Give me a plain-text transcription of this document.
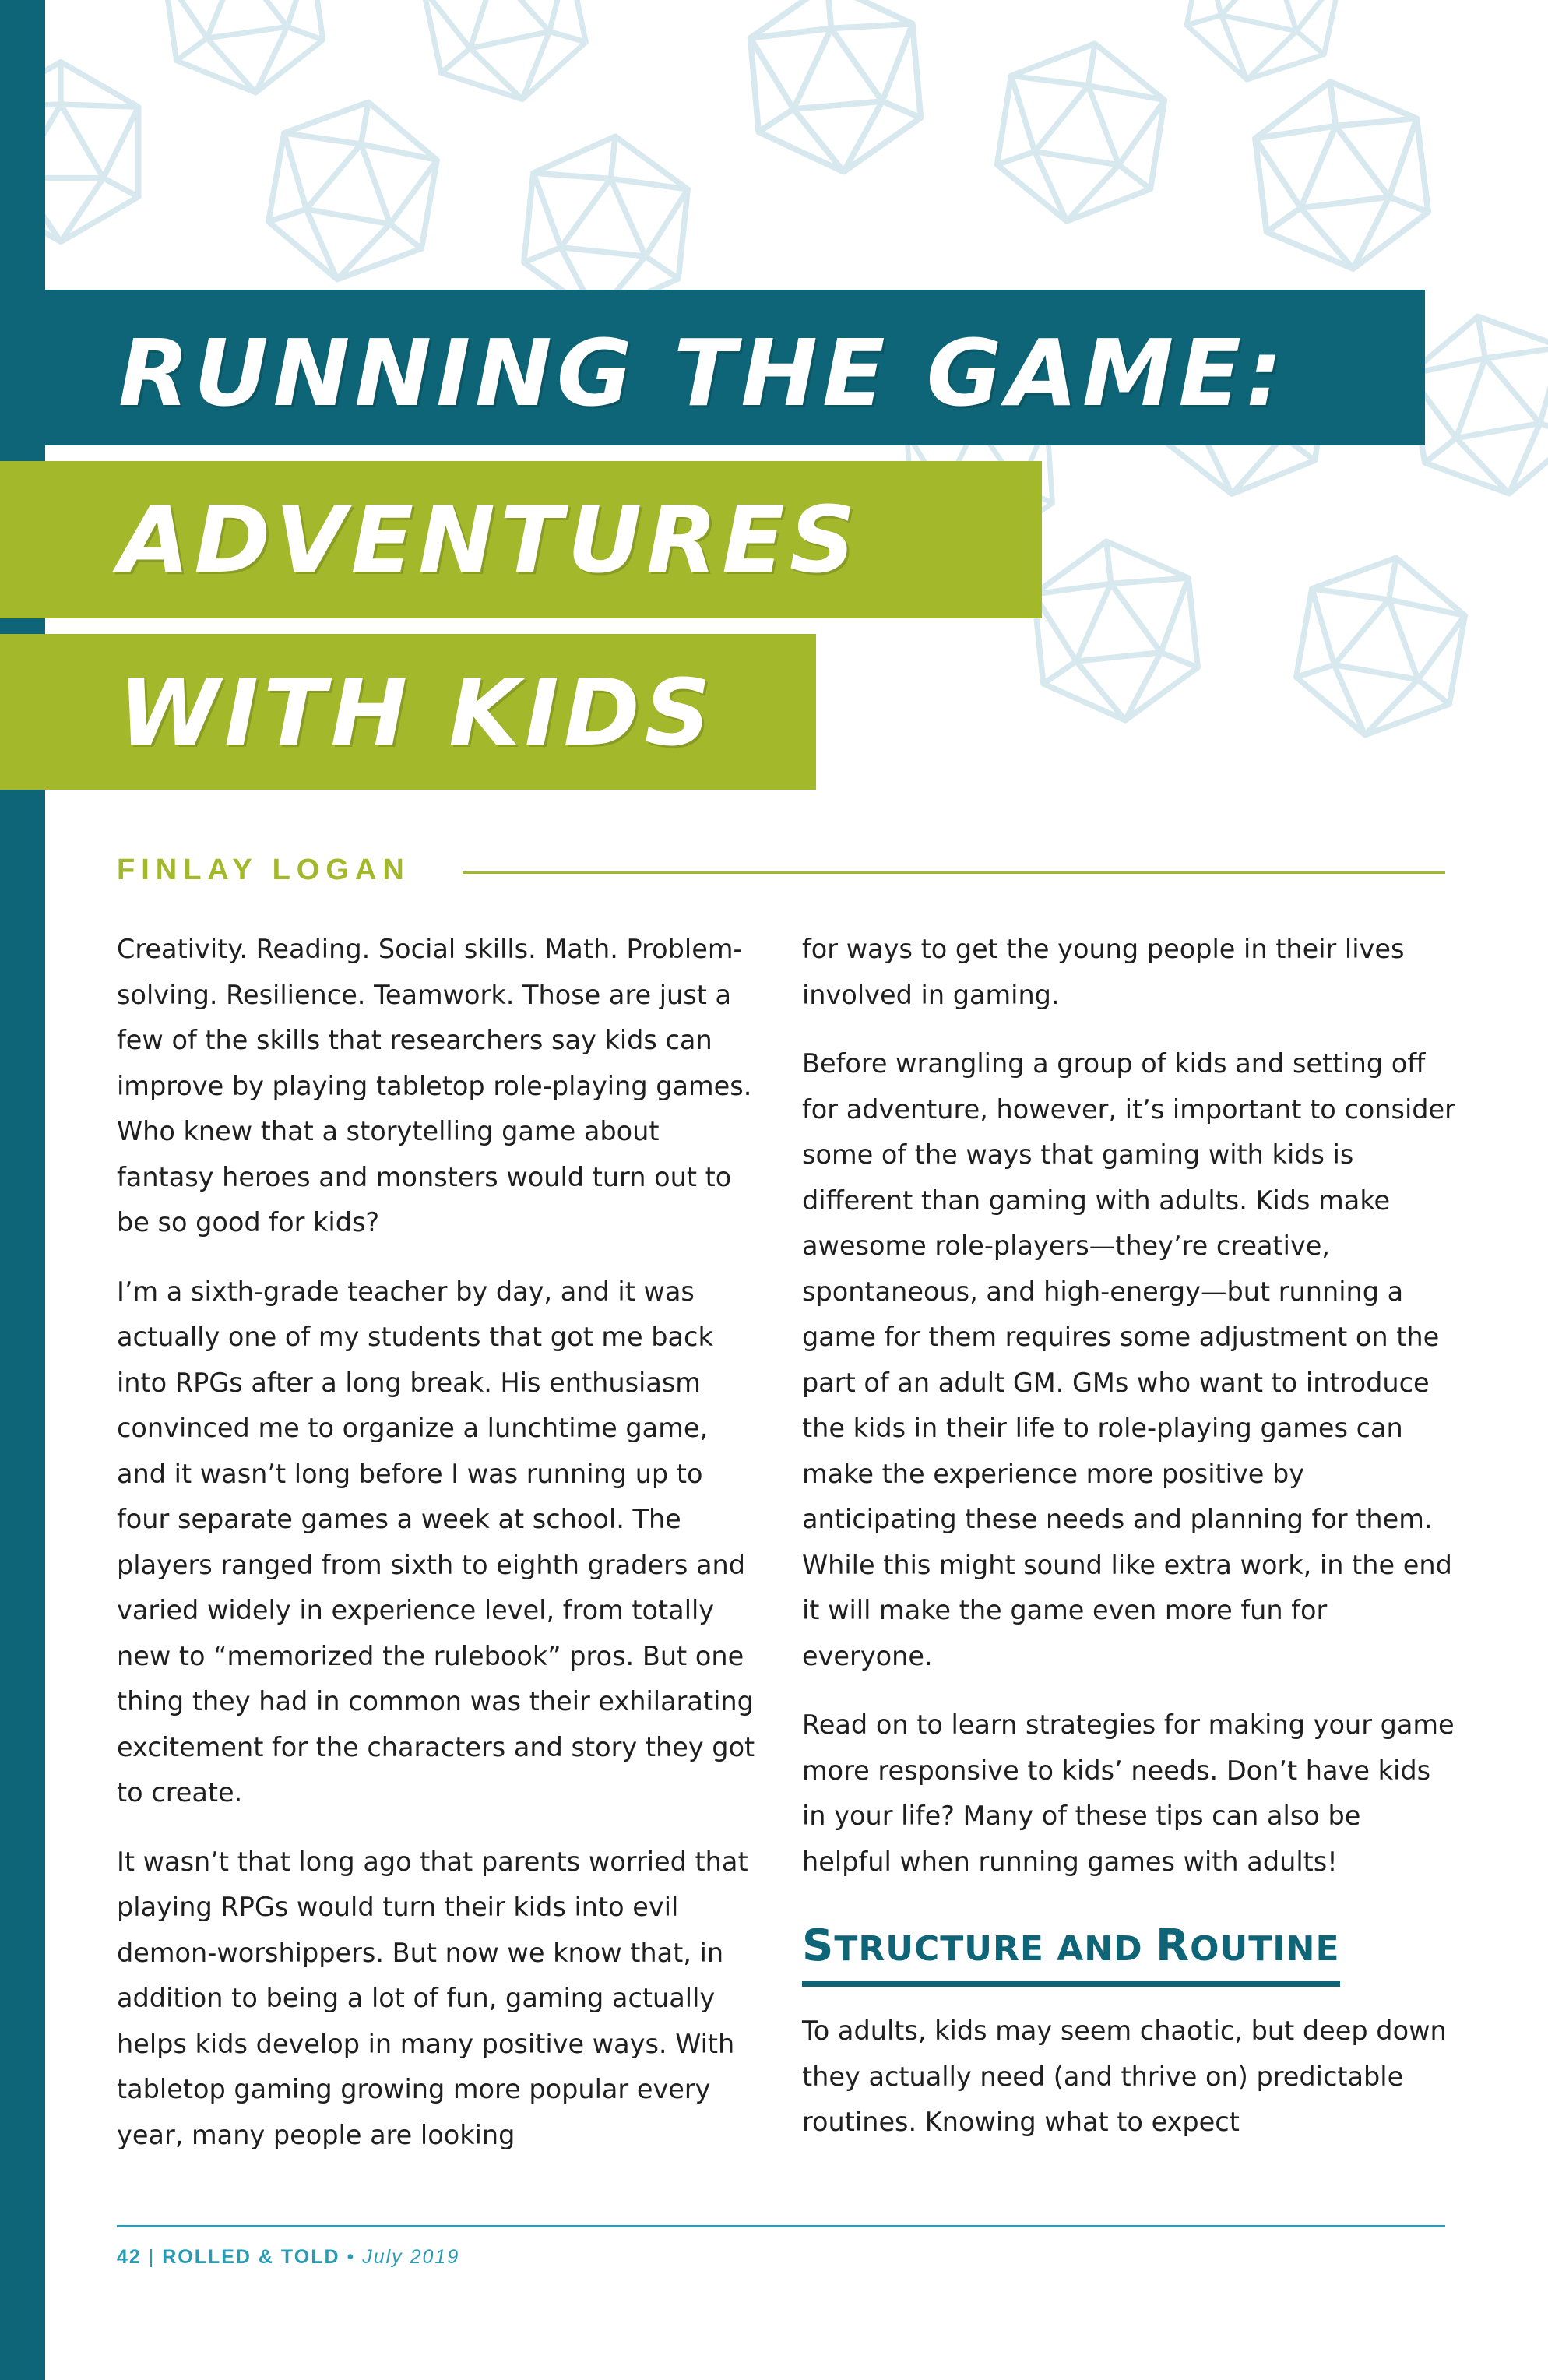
RUNNING THE GAME:
ADVENTURES
WITH KIDS
FINLAY LOGAN

Creativity. Reading. Social skills. Math. Problem-solving. Resilience. Teamwork. Those are just a few of the skills that researchers say kids can improve by playing tabletop role-playing games. Who knew that a storytelling game about fantasy heroes and monsters would turn out to be so good for kids?

I’m a sixth-grade teacher by day, and it was actually one of my students that got me back into RPGs after a long break. His enthusiasm convinced me to organize a lunchtime game, and it wasn’t long before I was running up to four separate games a week at school. The players ranged from sixth to eighth graders and varied widely in experience level, from totally new to “memorized the rulebook” pros. But one thing they had in common was their exhilarating excitement for the characters and story they got to create.

It wasn’t that long ago that parents worried that playing RPGs would turn their kids into evil demon-worshippers. But now we know that, in addition to being a lot of fun, gaming actually helps kids develop in many positive ways. With tabletop gaming growing more popular every year, many people are looking

for ways to get the young people in their lives involved in gaming.

Before wrangling a group of kids and setting off for adventure, however, it’s important to consider some of the ways that gaming with kids is different than gaming with adults. Kids make awesome role-players—they’re creative, spontaneous, and high-energy—but running a game for them requires some adjustment on the part of an adult GM. GMs who want to introduce the kids in their life to role-playing games can make the experience more positive by anticipating these needs and planning for them. While this might sound like extra work, in the end it will make the game even more fun for everyone.

Read on to learn strategies for making your game more responsive to kids’ needs. Don’t have kids in your life? Many of these tips can also be helpful when running games with adults!

STRUCTURE AND ROUTINE

To adults, kids may seem chaotic, but deep down they actually need (and thrive on) predictable routines. Knowing what to expect

42 | ROLLED & TOLD • July 2019
